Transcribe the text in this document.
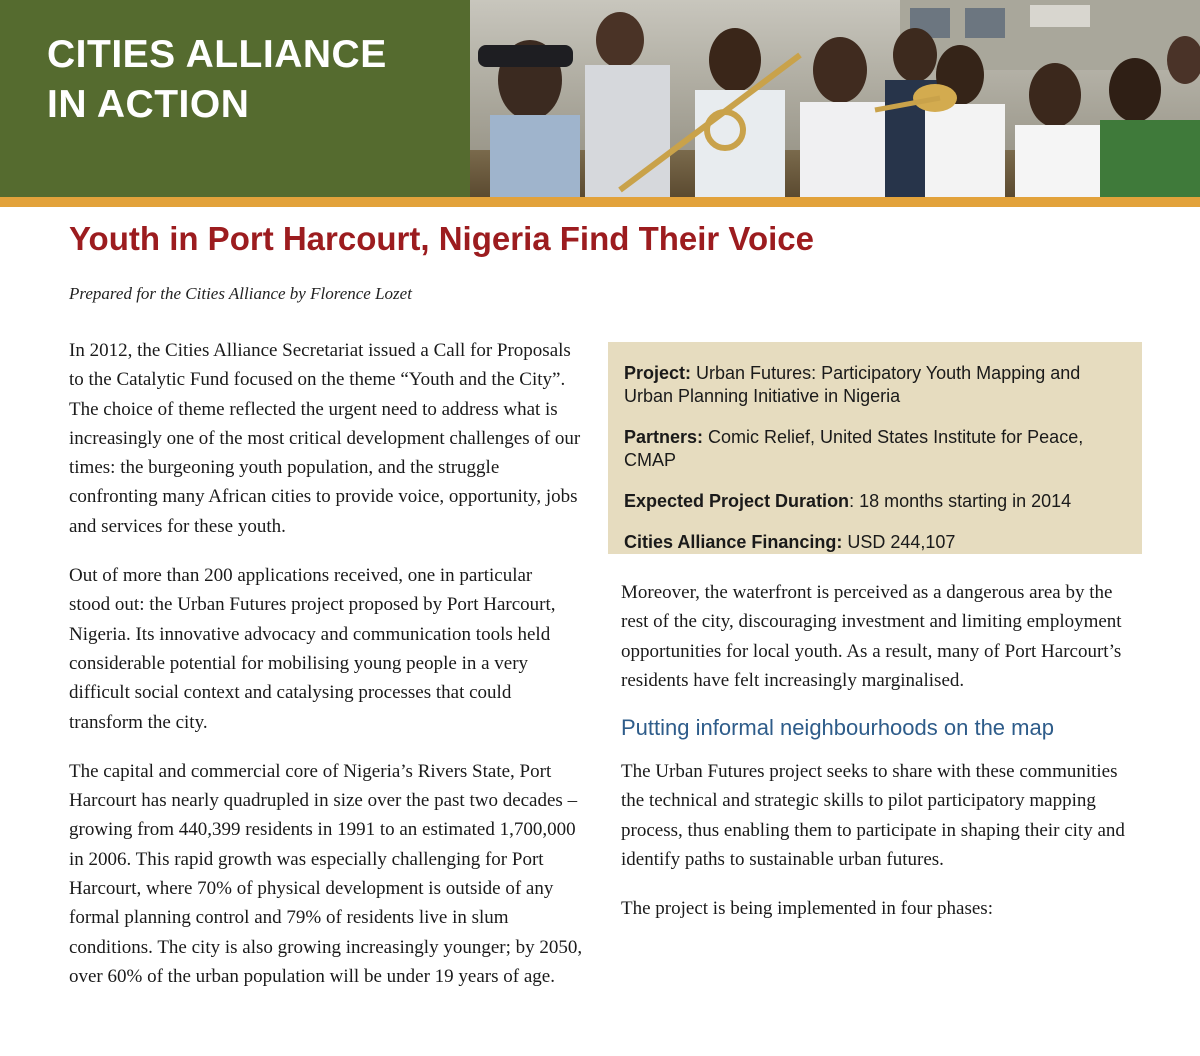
CITIES ALLIANCE
IN ACTION
Youth in Port Harcourt, Nigeria Find Their Voice

Prepared for the Cities Alliance by Florence Lozet

In 2012, the Cities Alliance Secretariat issued a Call for Proposals to the Catalytic Fund focused on the theme “Youth and the City”. The choice of theme reflected the urgent need to address what is increasingly one of the most critical development challenges of our times: the burgeoning youth population, and the struggle confronting many African cities to provide voice, opportunity, jobs and services for these youth.

Out of more than 200 applications received, one in particular stood out: the Urban Futures project proposed by Port Harcourt, Nigeria. Its innovative advocacy and communication tools held considerable potential for mobilising young people in a very difficult social context and catalysing processes that could transform the city.

The capital and commercial core of Nigeria’s Rivers State, Port Harcourt has nearly quadrupled in size over the past two decades – growing from 440,399 residents in 1991 to an estimated 1,700,000 in 2006. This rapid growth was especially challenging for Port Harcourt, where 70% of physical development is outside of any formal planning control and 79% of residents live in slum conditions. The city is also growing increasingly younger; by 2050, over 60% of the urban population will be under 19 years of age.

Project: Urban Futures: Participatory Youth Mapping and Urban Planning Initiative in Nigeria
Partners: Comic Relief, United States Institute for Peace, CMAP
Expected Project Duration: 18 months starting in 2014
Cities Alliance Financing: USD 244,107

Moreover, the waterfront is perceived as a dangerous area by the rest of the city, discouraging investment and limiting employment opportunities for local youth. As a result, many of Port Harcourt’s residents have felt increasingly marginalised.

Putting informal neighbourhoods on the map

The Urban Futures project seeks to share with these communities the technical and strategic skills to pilot participatory mapping process, thus enabling them to participate in shaping their city and identify paths to sustainable urban futures.

The project is being implemented in four phases:
